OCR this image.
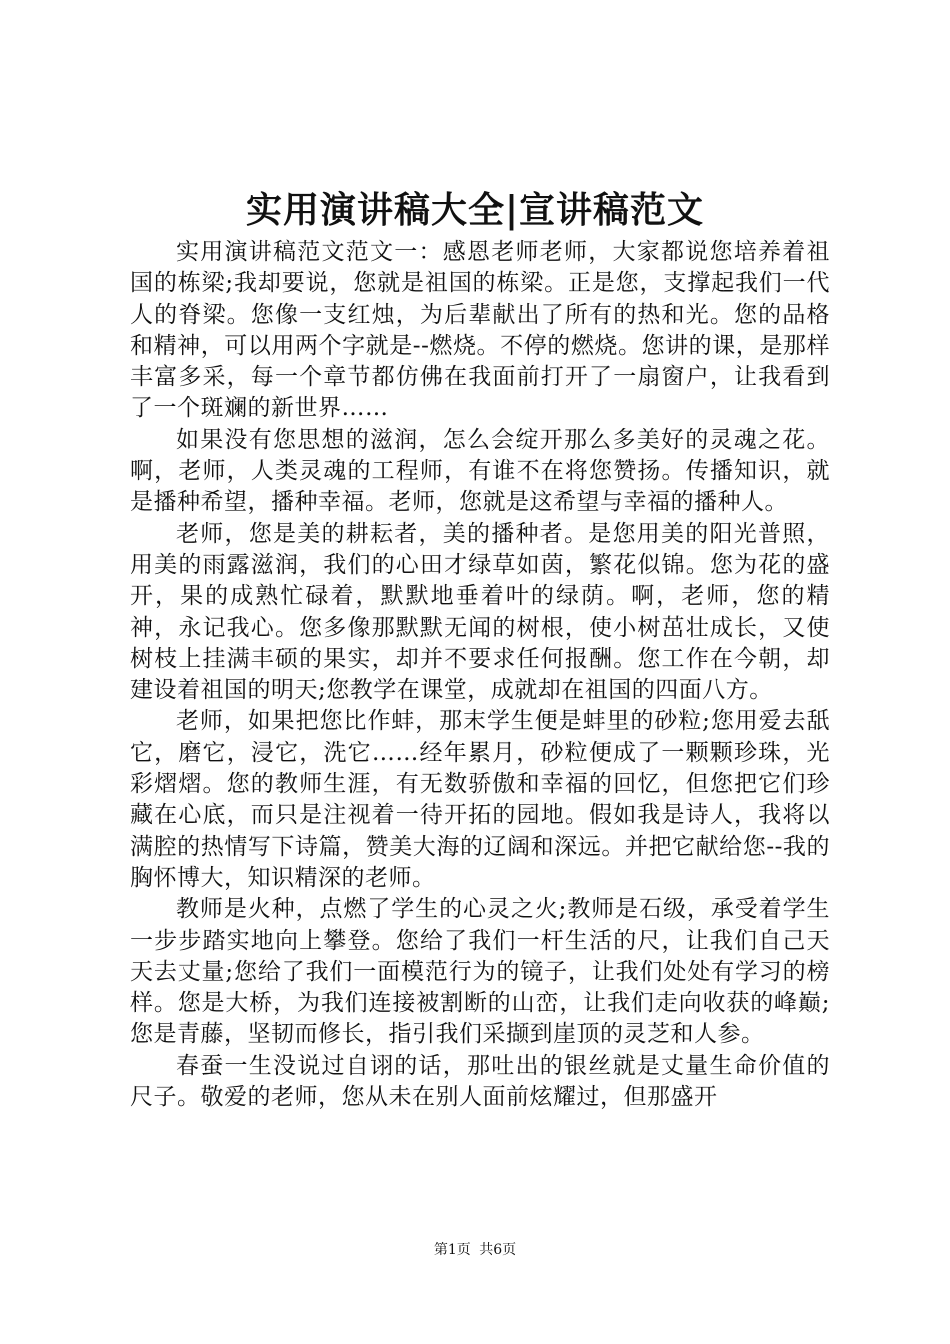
实用演讲稿大全|宣讲稿范文

实用演讲稿范文范文一：感恩老师老师，大家都说您培养着祖国的栋梁;我却要说，您就是祖国的栋梁。正是您，支撑起我们一代人的脊梁。您像一支红烛，为后辈献出了所有的热和光。您的品格和精神，可以用两个字就是--燃烧。不停的燃烧。您讲的课，是那样丰富多采，每一个章节都仿佛在我面前打开了一扇窗户，让我看到了一个斑斓的新世界……

如果没有您思想的滋润，怎么会绽开那么多美好的灵魂之花。啊，老师，人类灵魂的工程师，有谁不在将您赞扬。传播知识，就是播种希望，播种幸福。老师，您就是这希望与幸福的播种人。

老师，您是美的耕耘者，美的播种者。是您用美的阳光普照，用美的雨露滋润，我们的心田才绿草如茵，繁花似锦。您为花的盛开，果的成熟忙碌着，默默地垂着叶的绿荫。啊，老师，您的精神，永记我心。您多像那默默无闻的树根，使小树茁壮成长，又使树枝上挂满丰硕的果实，却并不要求任何报酬。您工作在今朝，却建设着祖国的明天;您教学在课堂，成就却在祖国的四面八方。

老师，如果把您比作蚌，那末学生便是蚌里的砂粒;您用爱去舐它，磨它，浸它，洗它……经年累月，砂粒便成了一颗颗珍珠，光彩熠熠。您的教师生涯，有无数骄傲和幸福的回忆，但您把它们珍藏在心底，而只是注视着一待开拓的园地。假如我是诗人，我将以满腔的热情写下诗篇，赞美大海的辽阔和深远。并把它献给您--我的胸怀博大，知识精深的老师。

教师是火种，点燃了学生的心灵之火;教师是石级，承受着学生一步步踏实地向上攀登。您给了我们一杆生活的尺，让我们自己天天去丈量;您给了我们一面模范行为的镜子，让我们处处有学习的榜样。您是大桥，为我们连接被割断的山峦，让我们走向收获的峰巅;您是青藤，坚韧而修长，指引我们采撷到崖顶的灵芝和人参。

春蚕一生没说过自诩的话，那吐出的银丝就是丈量生命价值的尺子。敬爱的老师，您从未在别人面前炫耀过，但那盛开

第1页 共6页
